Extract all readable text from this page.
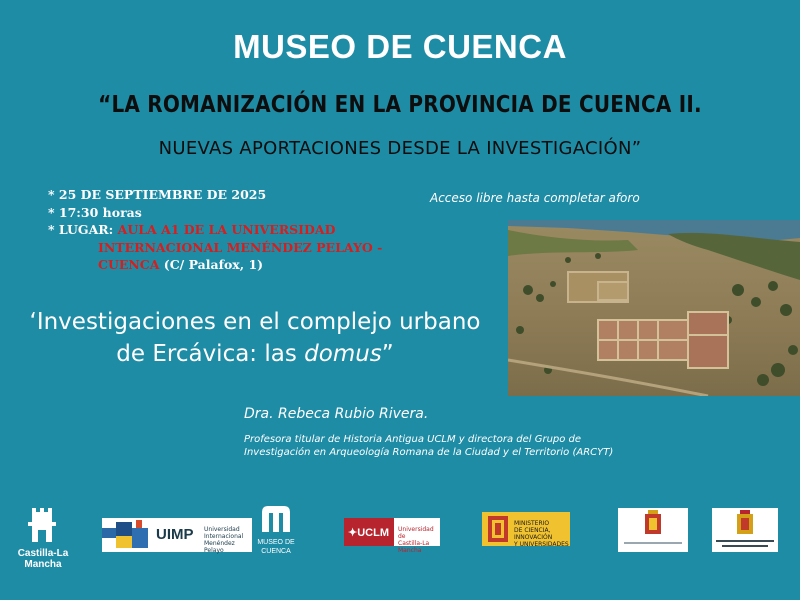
MUSEO DE CUENCA
“LA ROMANIZACIÓN EN LA PROVINCIA DE CUENCA II.
NUEVAS APORTACIONES DESDE LA INVESTIGACIÓN”
* 25 DE SEPTIEMBRE DE 2025
* 17:30 horas
* LUGAR: AULA A1 DE LA UNIVERSIDAD
INTERNACIONAL MENÉNDEZ PELAYO -
CUENCA (C/ Palafox, 1)
Acceso libre hasta completar aforo
‘Investigaciones en el complejo urbano
de Ercávica: las domus”
Dra. Rebeca Rubio Rivera.
Profesora titular de Historia Antigua UCLM y directora del Grupo de
Investigación en Arqueología Romana de la Ciudad y el Territorio (ARCYT)
Castilla-La Mancha
UIMP Universidad
Internacional
Menéndez Pelayo
MUSEO DE
CUENCA
✦UCLM Universidad de
Castilla-La Mancha
MINISTERIO
DE CIENCIA, INNOVACIÓN
Y UNIVERSIDADES
